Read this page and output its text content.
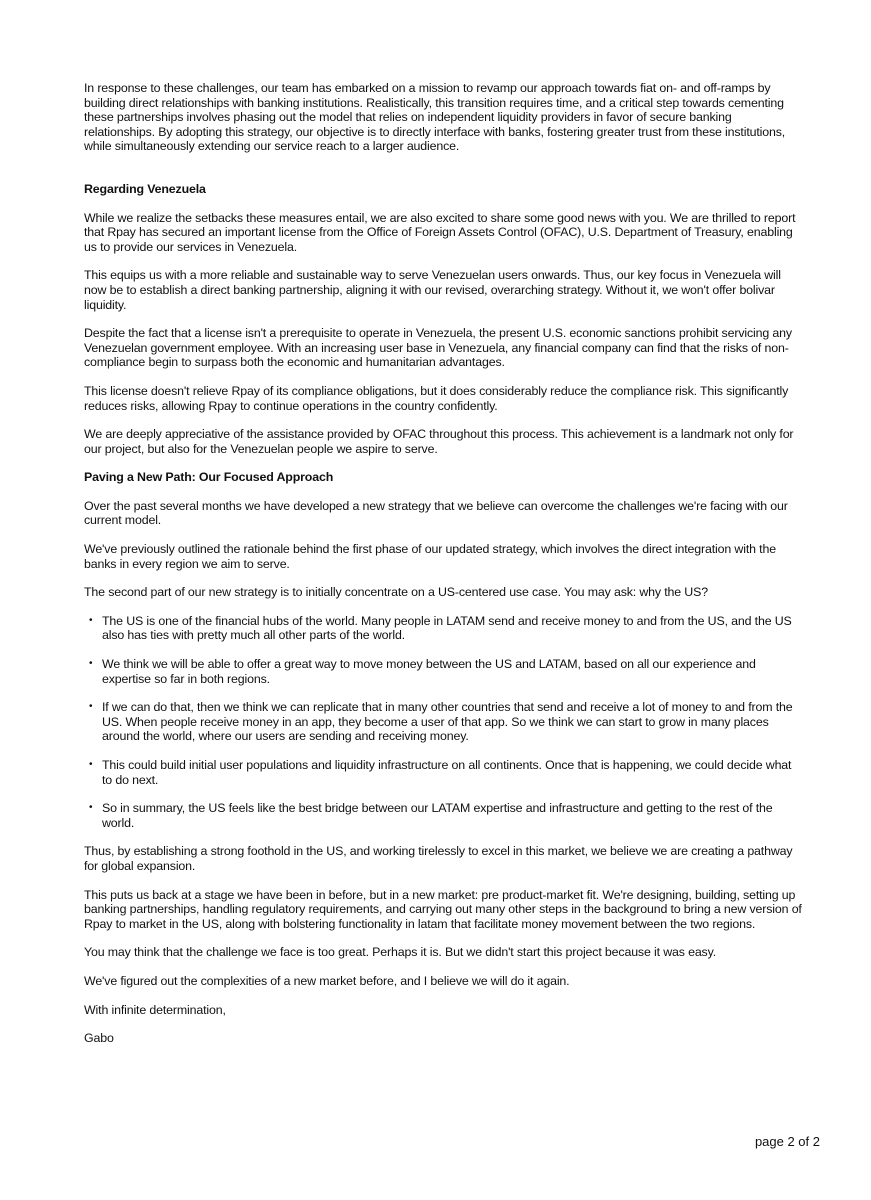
In response to these challenges, our team has embarked on a mission to revamp our approach towards fiat on- and off-ramps by building direct relationships with banking institutions. Realistically, this transition requires time, and a critical step towards cementing these partnerships involves phasing out the model that relies on independent liquidity providers in favor of secure banking relationships. By adopting this strategy, our objective is to directly interface with banks, fostering greater trust from these institutions, while simultaneously extending our service reach to a larger audience.

Regarding Venezuela

While we realize the setbacks these measures entail, we are also excited to share some good news with you. We are thrilled to report that Rpay has secured an important license from the Office of Foreign Assets Control (OFAC), U.S. Department of Treasury, enabling us to provide our services in Venezuela.

This equips us with a more reliable and sustainable way to serve Venezuelan users onwards. Thus, our key focus in Venezuela will now be to establish a direct banking partnership, aligning it with our revised, overarching strategy. Without it, we won't offer bolivar liquidity.

Despite the fact that a license isn't a prerequisite to operate in Venezuela, the present U.S. economic sanctions prohibit servicing any Venezuelan government employee. With an increasing user base in Venezuela, any financial company can find that the risks of non-compliance begin to surpass both the economic and humanitarian advantages.

This license doesn't relieve Rpay of its compliance obligations, but it does considerably reduce the compliance risk. This significantly reduces risks, allowing Rpay to continue operations in the country confidently.

We are deeply appreciative of the assistance provided by OFAC throughout this process. This achievement is a landmark not only for our project, but also for the Venezuelan people we aspire to serve.

Paving a New Path: Our Focused Approach

Over the past several months we have developed a new strategy that we believe can overcome the challenges we're facing with our current model.

We've previously outlined the rationale behind the first phase of our updated strategy, which involves the direct integration with the banks in every region we aim to serve.

The second part of our new strategy is to initially concentrate on a US-centered use case. You may ask: why the US?

• The US is one of the financial hubs of the world. Many people in LATAM send and receive money to and from the US, and the US also has ties with pretty much all other parts of the world.
• We think we will be able to offer a great way to move money between the US and LATAM, based on all our experience and expertise so far in both regions.
• If we can do that, then we think we can replicate that in many other countries that send and receive a lot of money to and from the US. When people receive money in an app, they become a user of that app. So we think we can start to grow in many places around the world, where our users are sending and receiving money.
• This could build initial user populations and liquidity infrastructure on all continents. Once that is happening, we could decide what to do next.
• So in summary, the US feels like the best bridge between our LATAM expertise and infrastructure and getting to the rest of the world.

Thus, by establishing a strong foothold in the US, and working tirelessly to excel in this market, we believe we are creating a pathway for global expansion.

This puts us back at a stage we have been in before, but in a new market: pre product-market fit. We're designing, building, setting up banking partnerships, handling regulatory requirements, and carrying out many other steps in the background to bring a new version of Rpay to market in the US, along with bolstering functionality in latam that facilitate money movement between the two regions.

You may think that the challenge we face is too great. Perhaps it is. But we didn't start this project because it was easy.

We've figured out the complexities of a new market before, and I believe we will do it again.

With infinite determination,

Gabo

page 2 of 2
